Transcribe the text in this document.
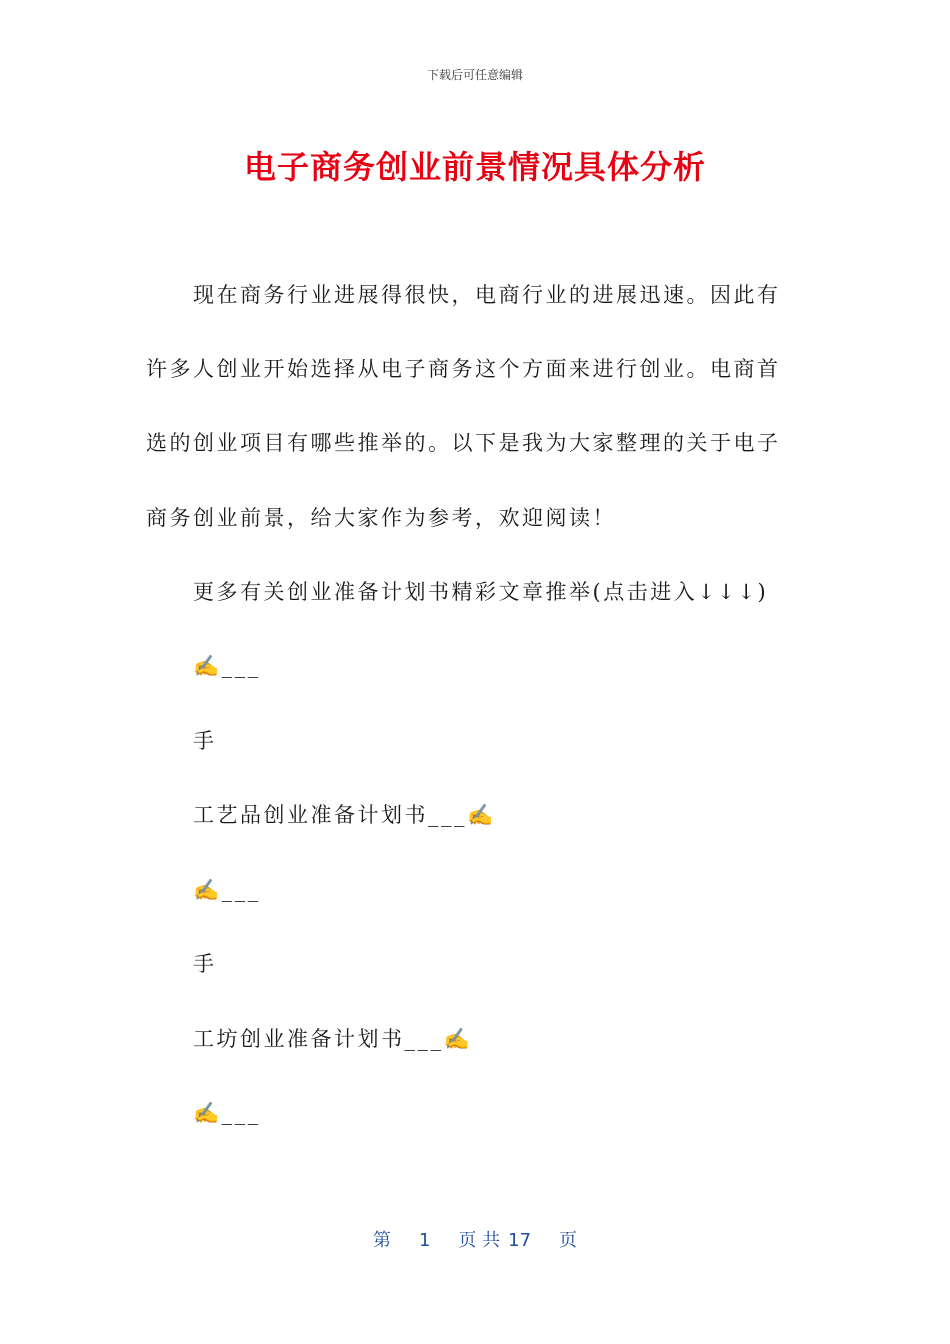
下载后可任意编辑
电子商务创业前景情况具体分析
现在商务行业进展得很快，电商行业的进展迅速。因此有
许多人创业开始选择从电子商务这个方面来进行创业。电商首
选的创业项目有哪些推举的。以下是我为大家整理的关于电子
商务创业前景，给大家作为参考，欢迎阅读！
更多有关创业准备计划书精彩文章推举(点击进入↓↓↓)
✍___
手
工艺品创业准备计划书___✍
✍___
手
工坊创业准备计划书___✍
✍___
第 1 页 共 17 页
